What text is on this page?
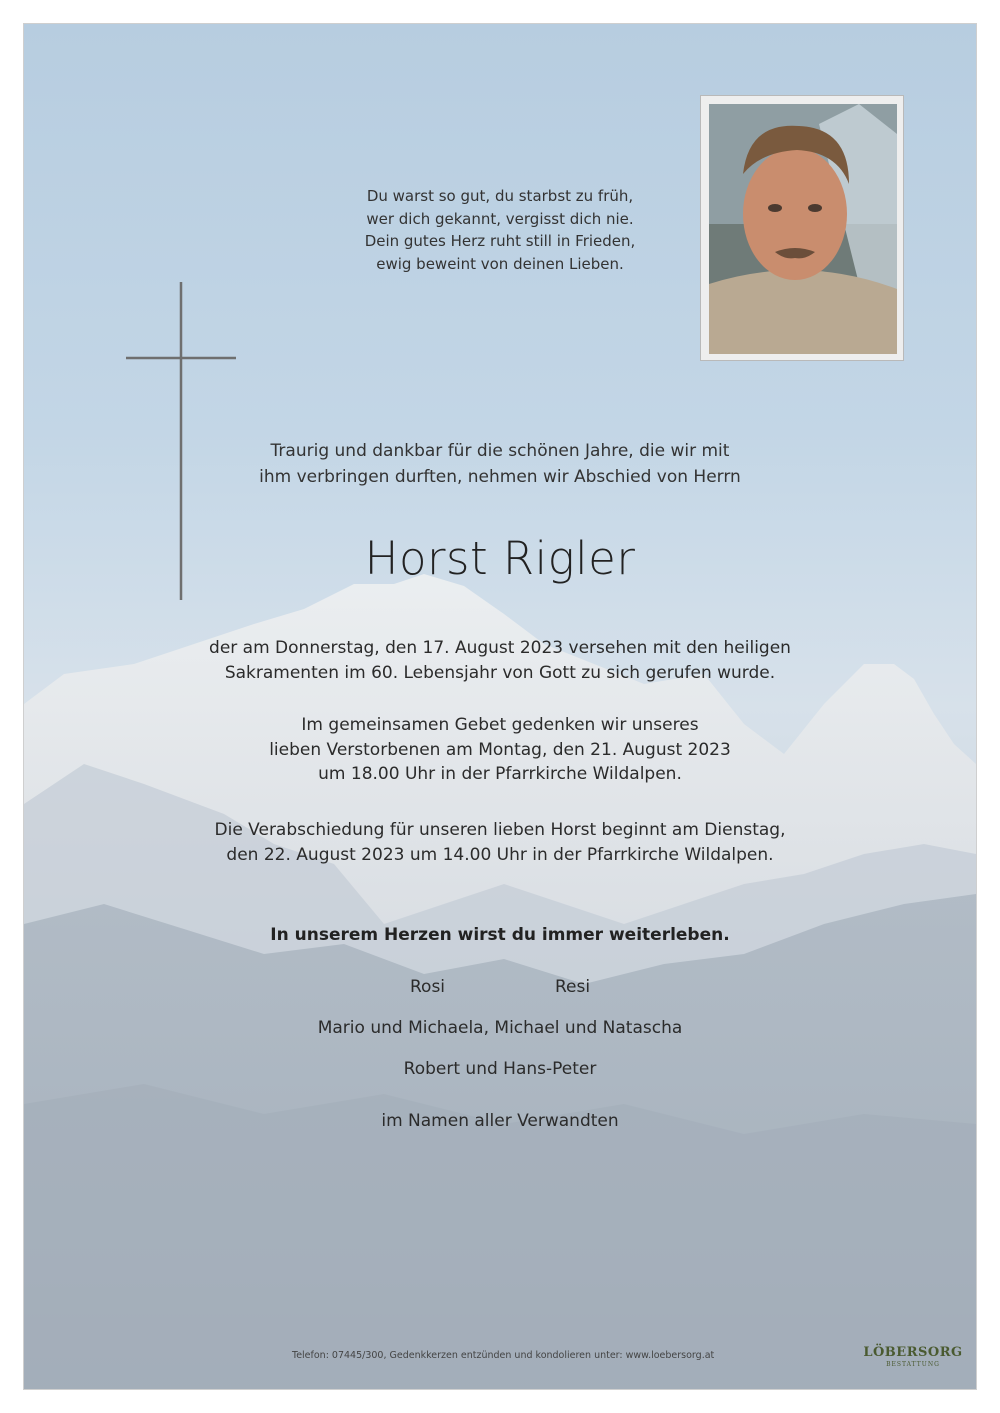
Du warst so gut, du starbst zu früh,
wer dich gekannt, vergisst dich nie.
Dein gutes Herz ruht still in Frieden,
ewig beweint von deinen Lieben.
Traurig und dankbar für die schönen Jahre, die wir mit
ihm verbringen durften, nehmen wir Abschied von Herrn
Horst Rigler
der am Donnerstag, den 17. August 2023 versehen mit den heiligen
Sakramenten im 60. Lebensjahr von Gott zu sich gerufen wurde.
Im gemeinsamen Gebet gedenken wir unseres
lieben Verstorbenen am Montag, den 21. August 2023
um 18.00 Uhr in der Pfarrkirche Wildalpen.
Die Verabschiedung für unseren lieben Horst beginnt am Dienstag,
den 22. August 2023 um 14.00 Uhr in der Pfarrkirche Wildalpen.
In unserem Herzen wirst du immer weiterleben.
Rosi	Resi
Mario und Michaela, Michael und Natascha
Robert und Hans-Peter
im Namen aller Verwandten
Telefon: 07445/300, Gedenkkerzen entzünden und kondolieren unter: www.loebersorg.at	LÖBERSORG
BESTATTUNG
